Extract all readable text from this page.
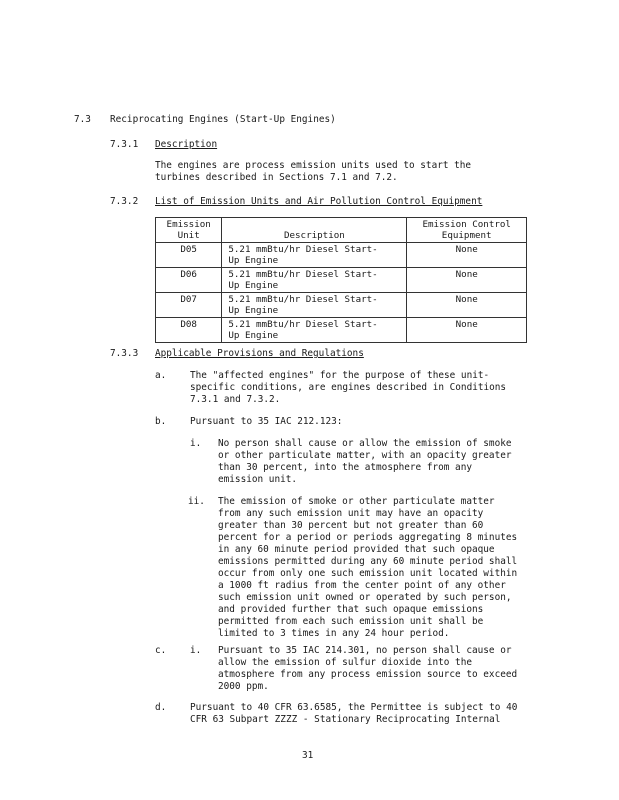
7.3 Reciprocating Engines (Start-Up Engines)
7.3.1 Description
The engines are process emission units used to start the
turbines described in Sections 7.1 and 7.2.
7.3.2 List of Emission Units and Air Pollution Control Equipment
Emission
Unit	Description	Emission Control
Equipment
D05	5.21 mmBtu/hr Diesel Start-
Up Engine	None
D06	5.21 mmBtu/hr Diesel Start-
Up Engine	None
D07	5.21 mmBtu/hr Diesel Start-
Up Engine	None
D08	5.21 mmBtu/hr Diesel Start-
Up Engine	None
7.3.3 Applicable Provisions and Regulations
a.	The "affected engines" for the purpose of these unit-
specific conditions, are engines described in Conditions
7.3.1 and 7.3.2.
b.	Pursuant to 35 IAC 212.123:
i. No person shall cause or allow the emission of smoke
or other particulate matter, with an opacity greater
than 30 percent, into the atmosphere from any
emission unit.
ii. The emission of smoke or other particulate matter
from any such emission unit may have an opacity
greater than 30 percent but not greater than 60
percent for a period or periods aggregating 8 minutes
in any 60 minute period provided that such opaque
emissions permitted during any 60 minute period shall
occur from only one such emission unit located within
a 1000 ft radius from the center point of any other
such emission unit owned or operated by such person,
and provided further that such opaque emissions
permitted from each such emission unit shall be
limited to 3 times in any 24 hour period.
c.	i. Pursuant to 35 IAC 214.301, no person shall cause or
allow the emission of sulfur dioxide into the
atmosphere from any process emission source to exceed
2000 ppm.
d.	Pursuant to 40 CFR 63.6585, the Permittee is subject to 40
CFR 63 Subpart ZZZZ - Stationary Reciprocating Internal
31
